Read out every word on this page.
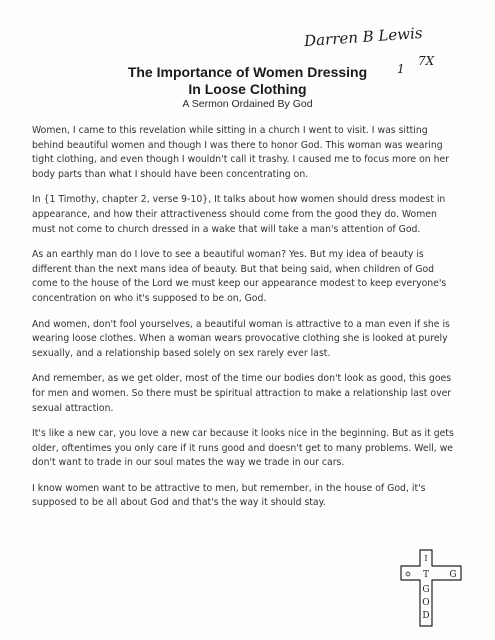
Darren B Lewis
1
7X
The Importance of Women Dressing
In Loose Clothing
A Sermon Ordained By God

Women, I came to this revelation while sitting in a church I went to visit. I was sitting behind beautiful women and though I was there to honor God. This woman was wearing tight clothing, and even though I wouldn't call it trashy. I caused me to focus more on her body parts than what I should have been concentrating on.

In {1 Timothy, chapter 2, verse 9-10}, It talks about how women should dress modest in appearance, and how their attractiveness should come from the good they do. Women must not come to church dressed in a wake that will take a man's attention of God.

As an earthly man do I love to see a beautiful woman? Yes. But my idea of beauty is different than the next mans idea of beauty. But that being said, when children of God come to the house of the Lord we must keep our appearance modest to keep everyone's concentration on who it's supposed to be on, God.

And women, don't fool yourselves, a beautiful woman is attractive to a man even if she is wearing loose clothes. When a woman wears provocative clothing she is looked at purely sexually, and a relationship based solely on sex rarely ever last.

And remember, as we get older, most of the time our bodies don't look as good, this goes for men and women. So there must be spiritual attraction to make a relationship last over sexual attraction.

It's like a new car, you love a new car because it looks nice in the beginning. But as it gets older, oftentimes you only care if it runs good and doesn't get to many problems. Well, we don't want to trade in our soul mates the way we trade in our cars.

I know women want to be attractive to men, but remember, in the house of God, it's supposed to be all about God and that's the way it should stay.

I
✡ T G
G
O
D
